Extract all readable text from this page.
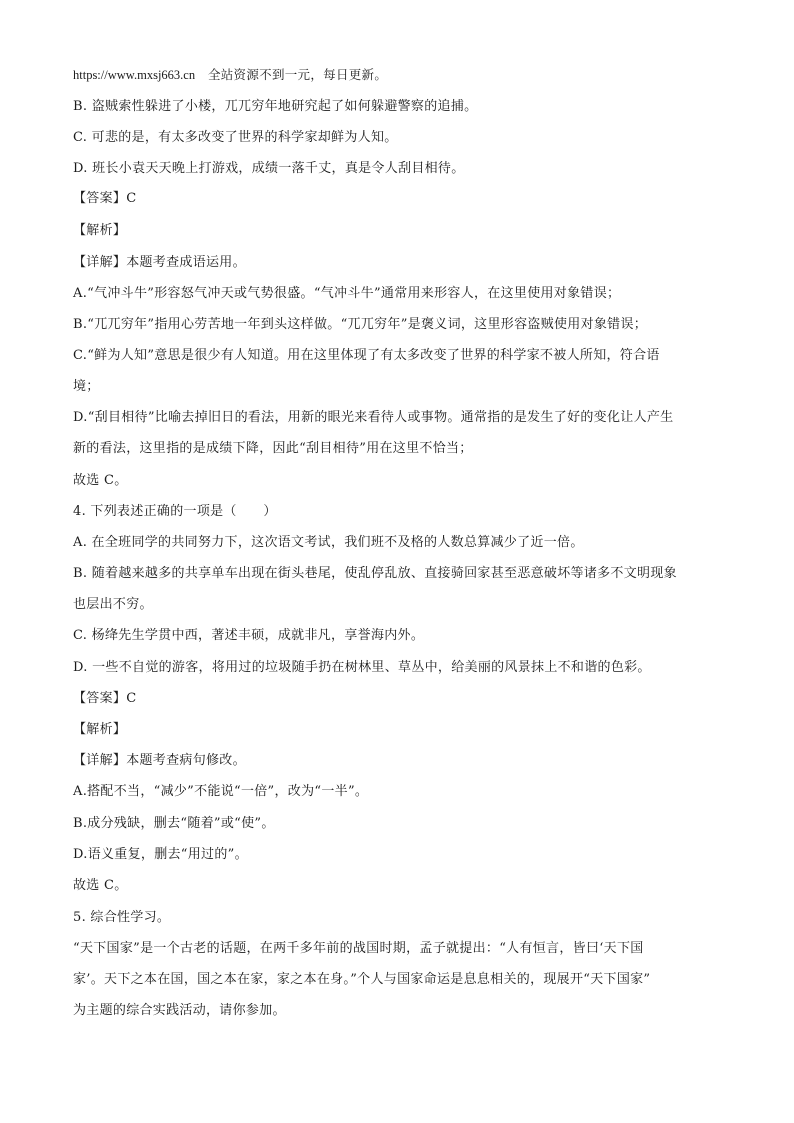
https://www.mxsj663.cn 全站资源不到一元，每日更新。
B. 盗贼索性躲进了小楼，兀兀穷年地研究起了如何躲避警察的追捕。
C. 可悲的是，有太多改变了世界的科学家却鲜为人知。
D. 班长小袁天天晚上打游戏，成绩一落千丈，真是令人刮目相待。
【答案】C
【解析】
【详解】本题考查成语运用。
A.“气冲斗牛”形容怒气冲天或气势很盛。“气冲斗牛”通常用来形容人，在这里使用对象错误；
B.“兀兀穷年”指用心劳苦地一年到头这样做。“兀兀穷年”是褒义词，这里形容盗贼使用对象错误；
C.“鲜为人知”意思是很少有人知道。用在这里体现了有太多改变了世界的科学家不被人所知，符合语
境；
D.“刮目相待”比喻去掉旧日的看法，用新的眼光来看待人或事物。通常指的是发生了好的变化让人产生
新的看法，这里指的是成绩下降，因此“刮目相待”用在这里不恰当；
故选 C。
4. 下列表述正确的一项是（　　）
A. 在全班同学的共同努力下，这次语文考试，我们班不及格的人数总算减少了近一倍。
B. 随着越来越多的共享单车出现在街头巷尾，使乱停乱放、直接骑回家甚至恶意破坏等诸多不文明现象
也层出不穷。
C. 杨绛先生学贯中西，著述丰硕，成就非凡，享誉海内外。
D. 一些不自觉的游客，将用过的垃圾随手扔在树林里、草丛中，给美丽的风景抹上不和谐的色彩。
【答案】C
【解析】
【详解】本题考查病句修改。
A.搭配不当，“减少”不能说“一倍”，改为“一半”。
B.成分残缺，删去“随着”或“使”。
D.语义重复，删去“用过的”。
故选 C。
5. 综合性学习。
“天下国家”是一个古老的话题，在两千多年前的战国时期，孟子就提出：“人有恒言，皆曰‘天下国
家’。天下之本在国，国之本在家，家之本在身。”个人与国家命运是息息相关的，现展开“天下国家”
为主题的综合实践活动，请你参加。
